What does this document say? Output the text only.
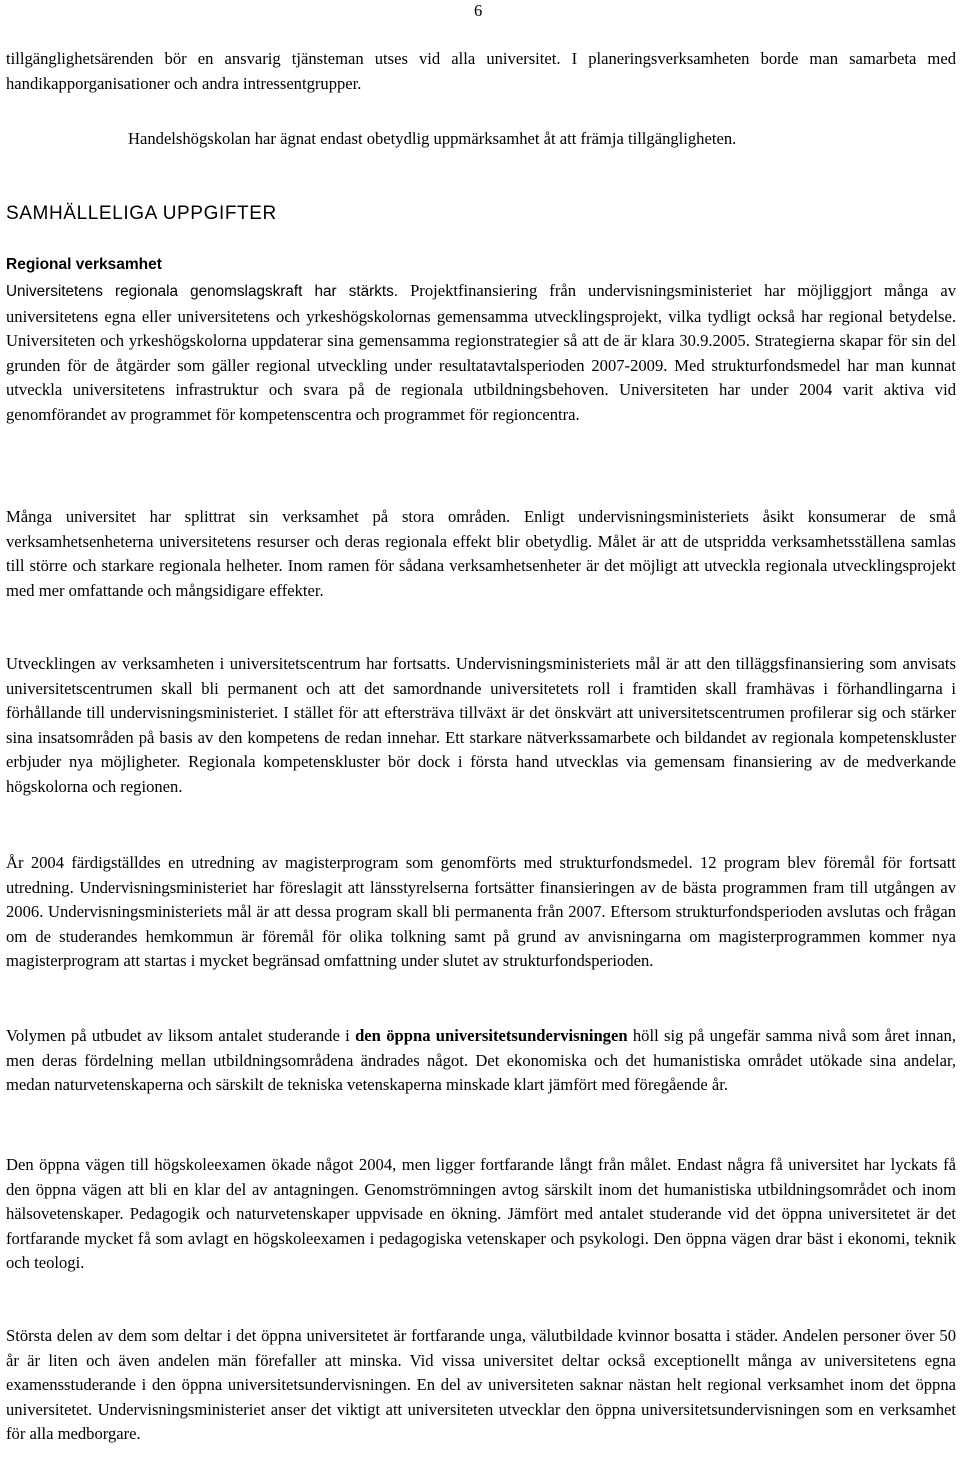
6

tillgänglighetsärenden bör en ansvarig tjänsteman utses vid alla universitet. I planeringsverksamheten borde man samarbeta med handikapporganisationer och andra intressentgrupper.

Handelshögskolan har ägnat endast obetydlig uppmärksamhet åt att främja tillgängligheten.

SAMHÄLLELIGA UPPGIFTER
Regional verksamhet

Universitetens regionala genomslagskraft har stärkts. Projektfinansiering från undervisningsministeriet har möjliggjort många av universitetens egna eller universitetens och yrkeshögskolornas gemensamma utvecklingsprojekt, vilka tydligt också har regional betydelse. Universiteten och yrkeshögskolorna uppdaterar sina gemensamma regionstrategier så att de är klara 30.9.2005. Strategierna skapar för sin del grunden för de åtgärder som gäller regional utveckling under resultatavtalsperioden 2007-2009. Med strukturfondsmedel har man kunnat utveckla universitetens infrastruktur och svara på de regionala utbildningsbehoven. Universiteten har under 2004 varit aktiva vid genomförandet av programmet för kompetenscentra och programmet för regioncentra.

Många universitet har splittrat sin verksamhet på stora områden. Enligt undervisningsministeriets åsikt konsumerar de små verksamhetsenheterna universitetens resurser och deras regionala effekt blir obetydlig. Målet är att de utspridda verksamhetsställena samlas till större och starkare regionala helheter. Inom ramen för sådana verksamhetsenheter är det möjligt att utveckla regionala utvecklingsprojekt med mer omfattande och mångsidigare effekter.

Utvecklingen av verksamheten i universitetscentrum har fortsatts. Undervisningsministeriets mål är att den tilläggsfinansiering som anvisats universitetscentrumen skall bli permanent och att det samordnande universitetets roll i framtiden skall framhävas i förhandlingarna i förhållande till undervisningsministeriet. I stället för att eftersträva tillväxt är det önskvärt att universitetscentrumen profilerar sig och stärker sina insatsområden på basis av den kompetens de redan innehar. Ett starkare nätverkssamarbete och bildandet av regionala kompetenskluster erbjuder nya möjligheter. Regionala kompetenskluster bör dock i första hand utvecklas via gemensam finansiering av de medverkande högskolorna och regionen.

År 2004 färdigställdes en utredning av magisterprogram som genomförts med strukturfondsmedel. 12 program blev föremål för fortsatt utredning. Undervisningsministeriet har föreslagit att länsstyrelserna fortsätter finansieringen av de bästa programmen fram till utgången av 2006. Undervisningsministeriets mål är att dessa program skall bli permanenta från 2007. Eftersom strukturfondsperioden avslutas och frågan om de studerandes hemkommun är föremål för olika tolkning samt på grund av anvisningarna om magisterprogrammen kommer nya magisterprogram att startas i mycket begränsad omfattning under slutet av strukturfondsperioden.

Volymen på utbudet av liksom antalet studerande i den öppna universitetsundervisningen höll sig på ungefär samma nivå som året innan, men deras fördelning mellan utbildningsområdena ändrades något. Det ekonomiska och det humanistiska området utökade sina andelar, medan naturvetenskaperna och särskilt de tekniska vetenskaperna minskade klart jämfört med föregående år.

Den öppna vägen till högskoleexamen ökade något 2004, men ligger fortfarande långt från målet. Endast några få universitet har lyckats få den öppna vägen att bli en klar del av antagningen. Genomströmningen avtog särskilt inom det humanistiska utbildningsområdet och inom hälsovetenskaper. Pedagogik och naturvetenskaper uppvisade en ökning. Jämfört med antalet studerande vid det öppna universitetet är det fortfarande mycket få som avlagt en högskoleexamen i pedagogiska vetenskaper och psykologi. Den öppna vägen drar bäst i ekonomi, teknik och teologi.

Största delen av dem som deltar i det öppna universitetet är fortfarande unga, välutbildade kvinnor bosatta i städer. Andelen personer över 50 år är liten och även andelen män förefaller att minska. Vid vissa universitet deltar också exceptionellt många av universitetens egna examensstuderande i den öppna universitetsundervisningen. En del av universiteten saknar nästan helt regional verksamhet inom det öppna universitetet. Undervisningsministeriet anser det viktigt att universiteten utvecklar den öppna universitetsundervisningen som en verksamhet för alla medborgare.
